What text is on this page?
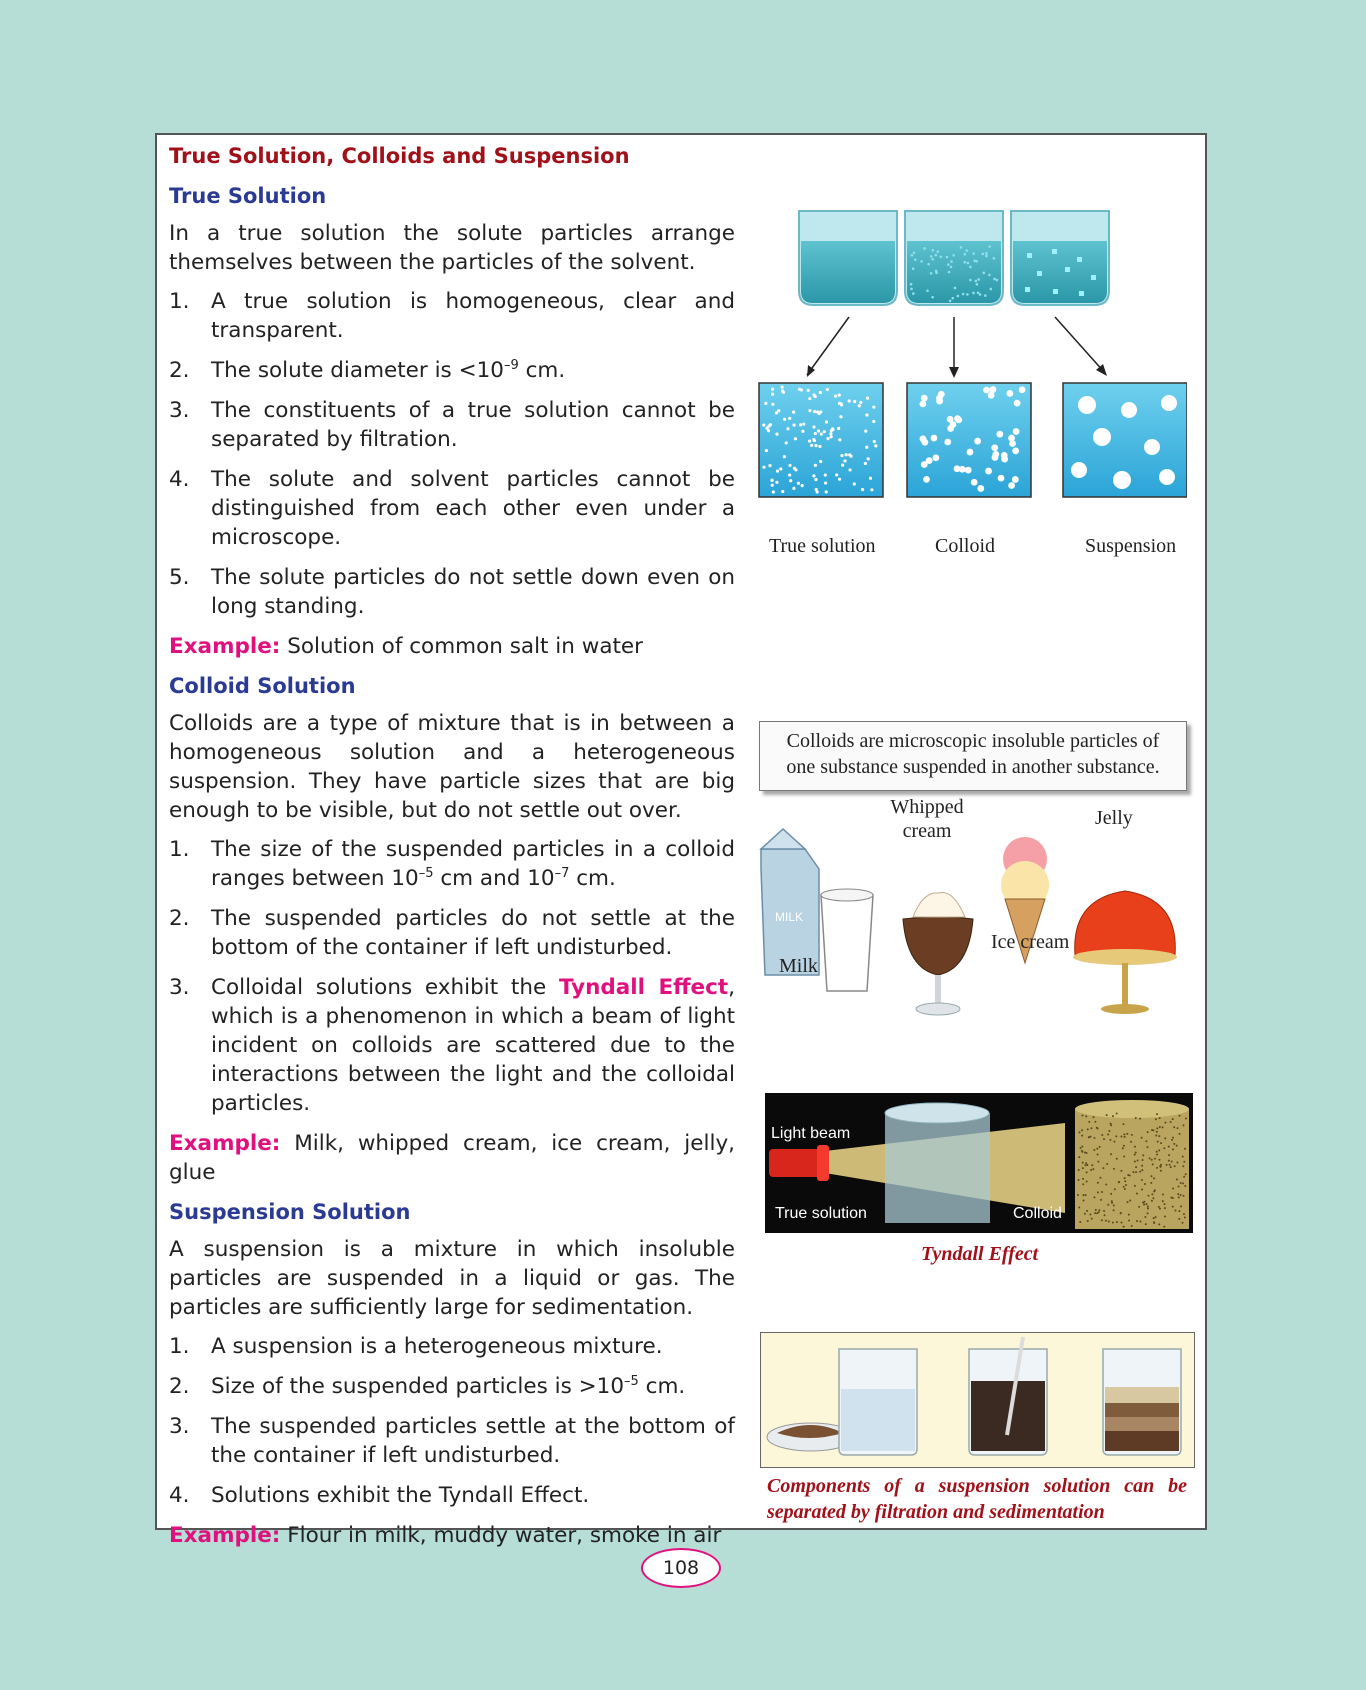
True Solution, Colloids and Suspension
True Solution

In a true solution the solute particles arrange themselves between the particles of the solvent.

1. A true solution is homogeneous, clear and transparent.
2. The solute diameter is $<10^{-9}$ cm.
3. The constituents of a true solution cannot be separated by filtration.
4. The solute and solvent particles cannot be distinguished from each other even under a microscope.
5. The solute particles do not settle down even on long standing.

Example: Solution of common salt in water

Colloid Solution

Colloids are a type of mixture that is in between a homogeneous solution and a heterogeneous suspension. They have particle sizes that are big enough to be visible, but do not settle out over.

1. The size of the suspended particles in a colloid ranges between $10^{-5}$ cm and $10^{-7}$ cm.
2. The suspended particles do not settle at the bottom of the container if left undisturbed.
3. Colloidal solutions exhibit the Tyndall Effect, which is a phenomenon in which a beam of light incident on colloids are scattered due to the interactions between the light and the colloidal particles.

Example: Milk, whipped cream, ice cream, jelly, glue

Suspension Solution

A suspension is a mixture in which insoluble particles are suspended in a liquid or gas. The particles are sufficiently large for sedimentation.

1. A suspension is a heterogeneous mixture.
2. Size of the suspended particles is $>10^{-5}$ cm.
3. The suspended particles settle at the bottom of the container if left undisturbed.
4. Solutions exhibit the Tyndall Effect.

Example: Flour in milk, muddy water, smoke in air

True solution	Colloid	Suspension
Colloids are microscopic insoluble particles of one substance suspended in another substance.
MILK
Whipped cream
Jelly
Ice cream
Milk
Light beam
True solution	Colloid
Tyndall Effect
Components of a suspension solution can be separated by filtration and sedimentation
108
